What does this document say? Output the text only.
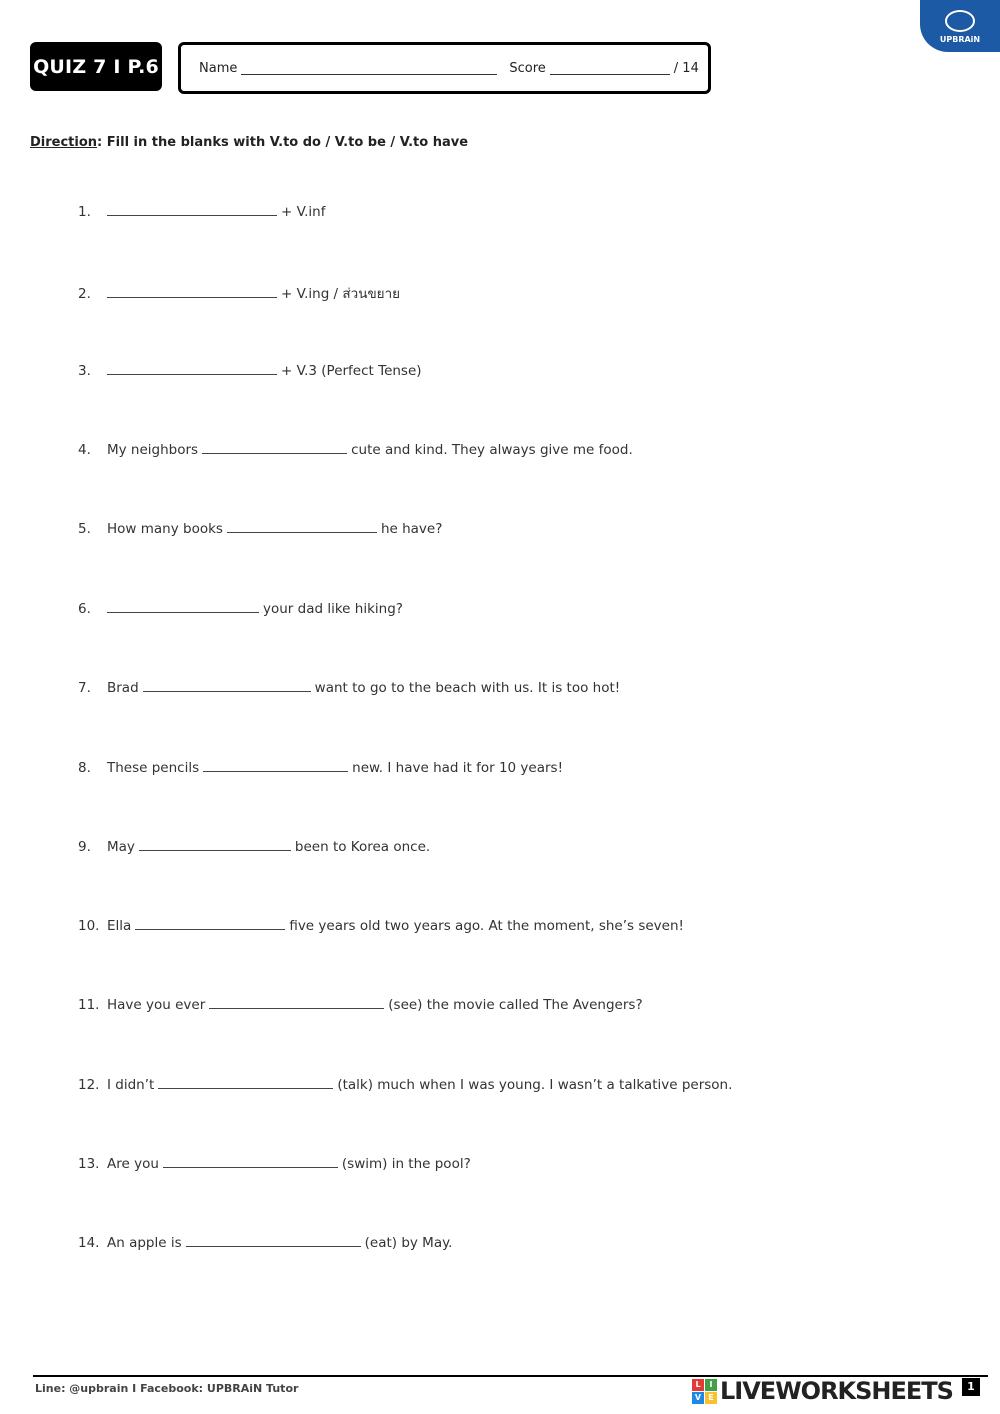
QUIZ 7 I P.6	Name	Score	/ 14
UPBRAiN
Direction: Fill in the blanks with V.to do / V.to be / V.to have
1.	+ V.inf
2.	+ V.ing / ส่วนขยาย
3.	+ V.3 (Perfect Tense)
4.	My neighbors	cute and kind. They always give me food.
5.	How many books	he have?
6.	your dad like hiking?
7.	Brad	want to go to the beach with us. It is too hot!
8.	These pencils	new. I have had it for 10 years!
9.	May	been to Korea once.
10. Ella	five years old two years ago. At the moment, she’s seven!
11. Have you ever	(see) the movie called The Avengers?
12. I didn’t	(talk) much when I was young. I wasn’t a talkative person.
13. Are you	(swim) in the pool?
14. An apple is	(eat) by May.
Line: @upbrain I Facebook: UPBRAiN Tutor	L	I
V E LIVEWORKSHEETS	1
